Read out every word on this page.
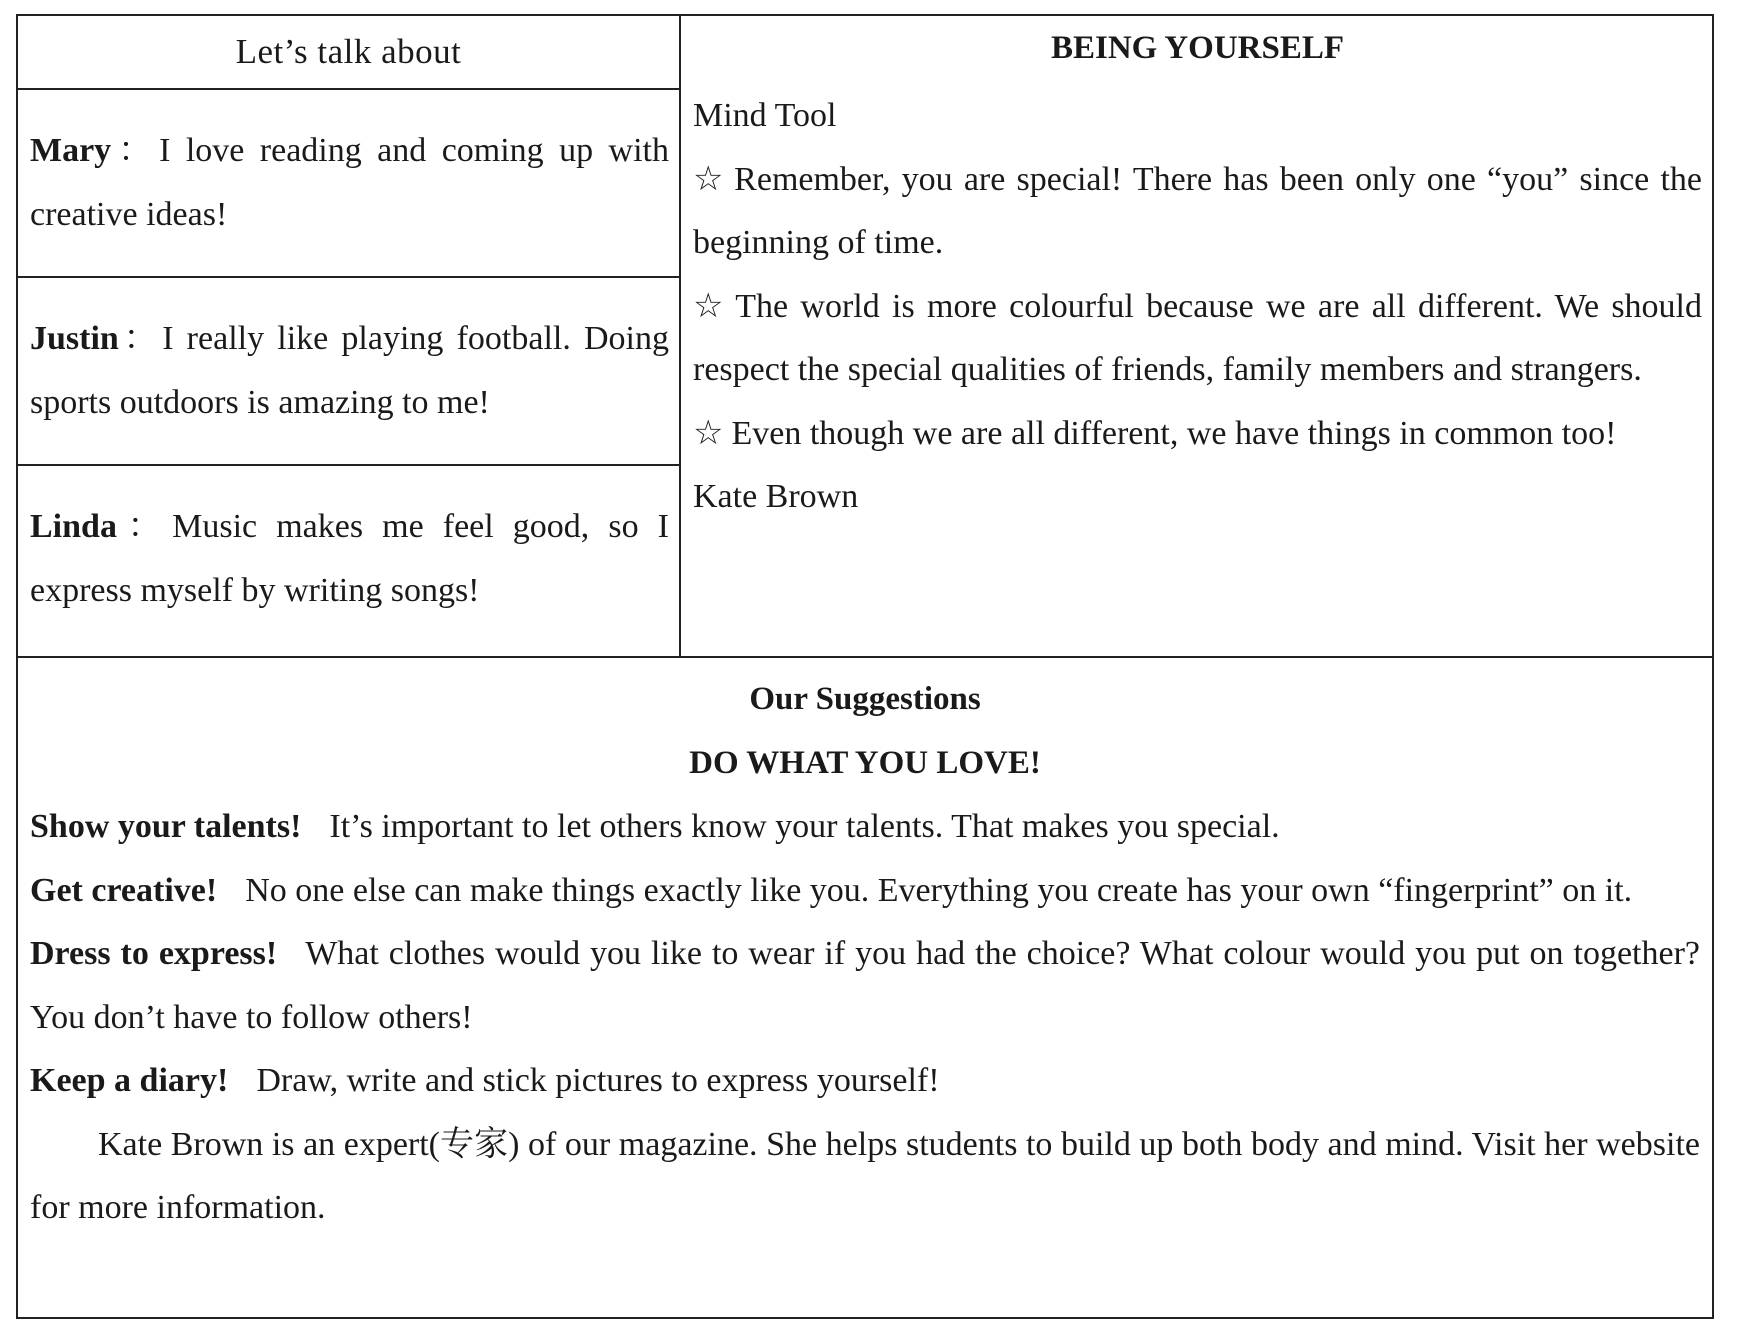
Let’s talk about

Mary：I love reading and coming up with creative ideas!

Justin：I really like playing football. Doing sports outdoors is amazing to me!

Linda：Music makes me feel good, so I express myself by writing songs!

BEING YOURSELF

Mind Tool

☆ Remember, you are special! There has been only one “you” since the beginning of time.

☆ The world is more colourful because we are all different. We should respect the special qualities of friends, family members and strangers.

☆ Even though we are all different, we have things in common too!

Kate Brown

Our Suggestions

DO WHAT YOU LOVE!

Show your talents! It’s important to let others know your talents. That makes you special.

Get creative! No one else can make things exactly like you. Everything you create has your own “fingerprint” on it.

Dress to express! What clothes would you like to wear if you had the choice? What colour would you put on together? You don’t have to follow others!

Keep a diary! Draw, write and stick pictures to express yourself!

Kate Brown is an expert(专家) of our magazine. She helps students to build up both body and mind. Visit her website for more information.
